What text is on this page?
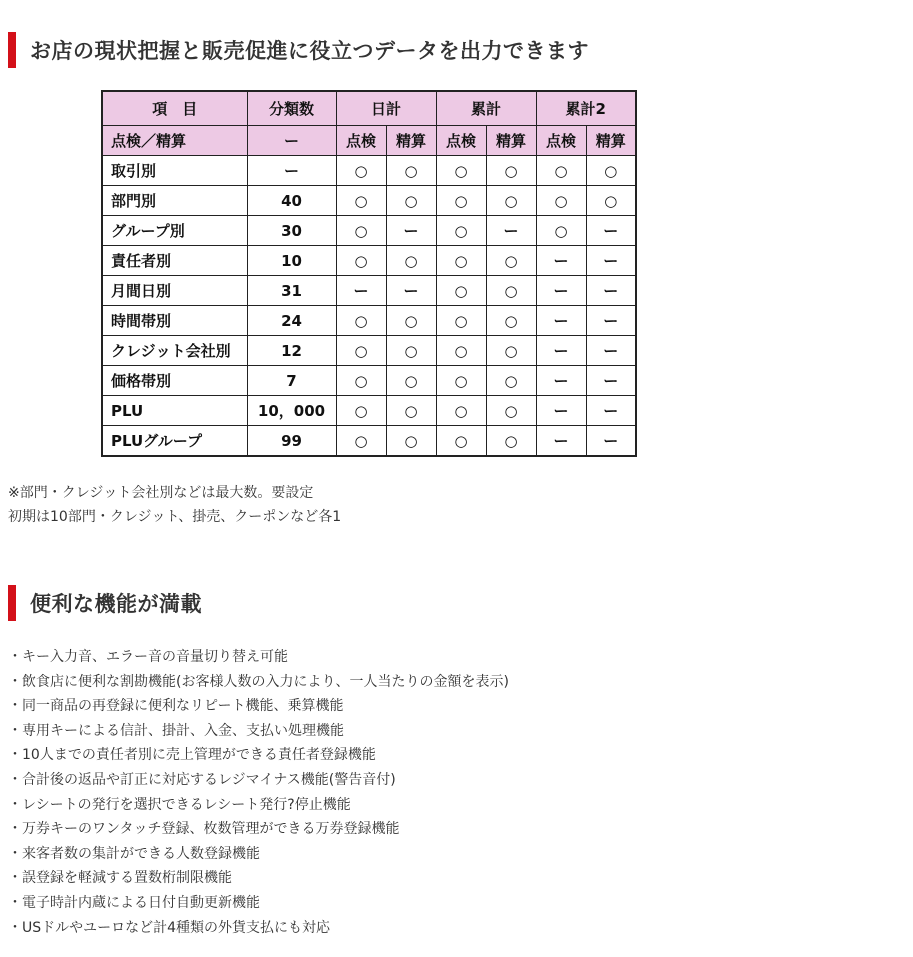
お店の現状把握と販売促進に役立つデータを出力できます
項　目	分類数	日計		累計		累計2	
点検／精算	ー	点検	精算	点検	精算	点検	精算
取引別	ー	○	○	○	○	○	○
部門別	40	○	○	○	○	○	○
グループ別	30	○	ー	○	ー	○	ー
責任者別	10	○	○	○	○	ー	ー
月間日別	31	ー	ー	○	○	ー	ー
時間帯別	24	○	○	○	○	ー	ー
クレジット会社別	12	○	○	○	○	ー	ー
価格帯別	7	○	○	○	○	ー	ー
PLU	10，000	○	○	○	○	ー	ー
PLUグループ	99	○	○	○	○	ー	ー
※部門・クレジット会社別などは最大数。要設定
初期は10部門・クレジット、掛売、クーポンなど各1
便利な機能が満載
・ キー入力音、エラー音の音量切り替え可能
・ 飲食店に便利な割勘機能(お客様人数の入力により、一人当たりの金額を表示)
・ 同一商品の再登録に便利なリピート機能、乗算機能
・ 専用キーによる信計、掛計、入金、支払い処理機能
・ 10人までの責任者別に売上管理ができる責任者登録機能
・ 合計後の返品や訂正に対応するレジマイナス機能(警告音付)
・ レシートの発行を選択できるレシート発行?停止機能
・ 万券キーのワンタッチ登録、枚数管理ができる万券登録機能
・ 来客者数の集計ができる人数登録機能
・ 誤登録を軽減する置数桁制限機能
・ 電子時計内蔵による日付自動更新機能
・ USドルやユーロなど計4種類の外貨支払にも対応
